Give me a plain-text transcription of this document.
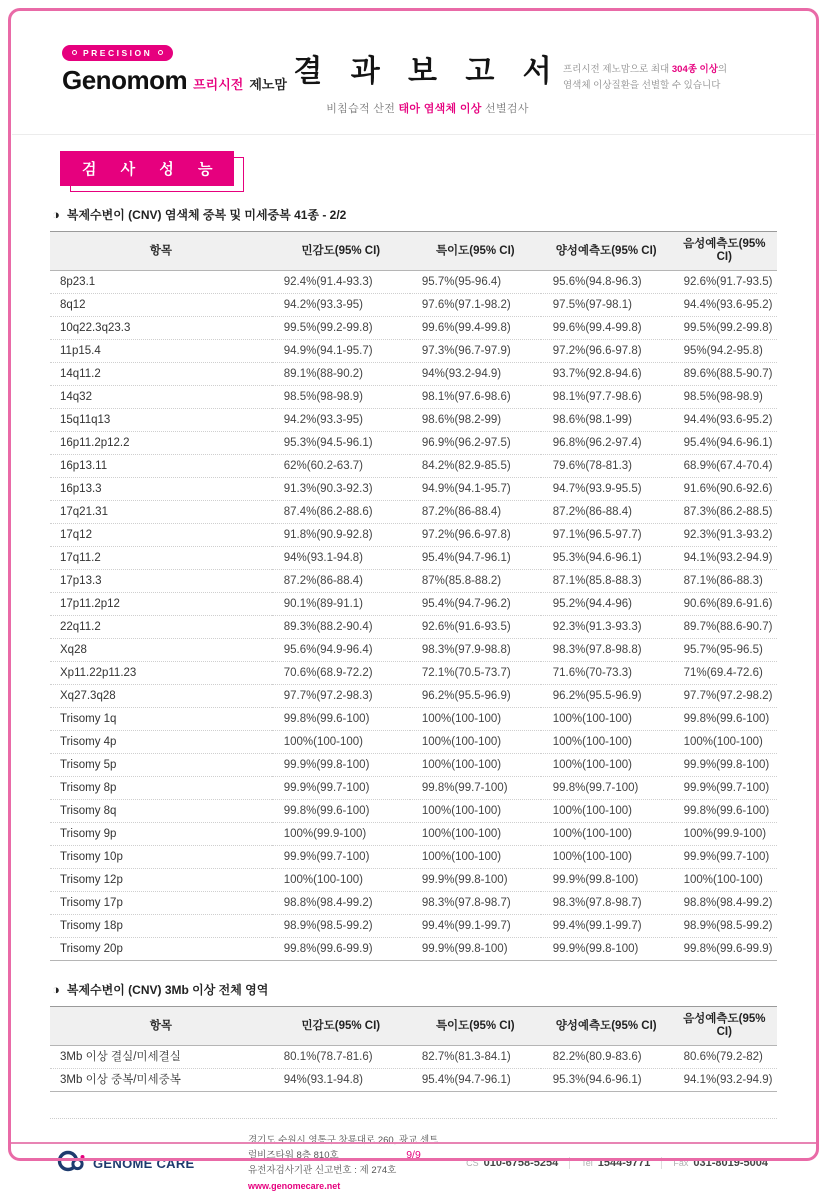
PRECISION
Genomom 프리시전 제노맘 결 과 보 고 서
비침습적 산전 태아 염색체 이상 선별검사
프리시전 제노맘으로 최대 304종 이상의
염색체 이상질환을 선별할 수 있습니다
검 사 성 능
◑ 복제수변이 (CNV) 염색체 중복 및 미세중복 41종 - 2/2
항목	민감도(95% CI)	특이도(95% CI)	양성예측도(95% CI)	음성예측도(95% CI)
8p23.1	92.4%(91.4-93.3)	95.7%(95-96.4)	95.6%(94.8-96.3)	92.6%(91.7-93.5)
8q12	94.2%(93.3-95)	97.6%(97.1-98.2)	97.5%(97-98.1)	94.4%(93.6-95.2)
10q22.3q23.3	99.5%(99.2-99.8)	99.6%(99.4-99.8)	99.6%(99.4-99.8)	99.5%(99.2-99.8)
11p15.4	94.9%(94.1-95.7)	97.3%(96.7-97.9)	97.2%(96.6-97.8)	95%(94.2-95.8)
14q11.2	89.1%(88-90.2)	94%(93.2-94.9)	93.7%(92.8-94.6)	89.6%(88.5-90.7)
14q32	98.5%(98-98.9)	98.1%(97.6-98.6)	98.1%(97.7-98.6)	98.5%(98-98.9)
15q11q13	94.2%(93.3-95)	98.6%(98.2-99)	98.6%(98.1-99)	94.4%(93.6-95.2)
16p11.2p12.2	95.3%(94.5-96.1)	96.9%(96.2-97.5)	96.8%(96.2-97.4)	95.4%(94.6-96.1)
16p13.11	62%(60.2-63.7)	84.2%(82.9-85.5)	79.6%(78-81.3)	68.9%(67.4-70.4)
16p13.3	91.3%(90.3-92.3)	94.9%(94.1-95.7)	94.7%(93.9-95.5)	91.6%(90.6-92.6)
17q21.31	87.4%(86.2-88.6)	87.2%(86-88.4)	87.2%(86-88.4)	87.3%(86.2-88.5)
17q12	91.8%(90.9-92.8)	97.2%(96.6-97.8)	97.1%(96.5-97.7)	92.3%(91.3-93.2)
17q11.2	94%(93.1-94.8)	95.4%(94.7-96.1)	95.3%(94.6-96.1)	94.1%(93.2-94.9)
17p13.3	87.2%(86-88.4)	87%(85.8-88.2)	87.1%(85.8-88.3)	87.1%(86-88.3)
17p11.2p12	90.1%(89-91.1)	95.4%(94.7-96.2)	95.2%(94.4-96)	90.6%(89.6-91.6)
22q11.2	89.3%(88.2-90.4)	92.6%(91.6-93.5)	92.3%(91.3-93.3)	89.7%(88.6-90.7)
Xq28	95.6%(94.9-96.4)	98.3%(97.9-98.8)	98.3%(97.8-98.8)	95.7%(95-96.5)
Xp11.22p11.23	70.6%(68.9-72.2)	72.1%(70.5-73.7)	71.6%(70-73.3)	71%(69.4-72.6)
Xq27.3q28	97.7%(97.2-98.3)	96.2%(95.5-96.9)	96.2%(95.5-96.9)	97.7%(97.2-98.2)
Trisomy 1q	99.8%(99.6-100)	100%(100-100)	100%(100-100)	99.8%(99.6-100)
Trisomy 4p	100%(100-100)	100%(100-100)	100%(100-100)	100%(100-100)
Trisomy 5p	99.9%(99.8-100)	100%(100-100)	100%(100-100)	99.9%(99.8-100)
Trisomy 8p	99.9%(99.7-100)	99.8%(99.7-100)	99.8%(99.7-100)	99.9%(99.7-100)
Trisomy 8q	99.8%(99.6-100)	100%(100-100)	100%(100-100)	99.8%(99.6-100)
Trisomy 9p	100%(99.9-100)	100%(100-100)	100%(100-100)	100%(99.9-100)
Trisomy 10p	99.9%(99.7-100)	100%(100-100)	100%(100-100)	99.9%(99.7-100)
Trisomy 12p	100%(100-100)	99.9%(99.8-100)	99.9%(99.8-100)	100%(100-100)
Trisomy 17p	98.8%(98.4-99.2)	98.3%(97.8-98.7)	98.3%(97.8-98.7)	98.8%(98.4-99.2)
Trisomy 18p	98.9%(98.5-99.2)	99.4%(99.1-99.7)	99.4%(99.1-99.7)	98.9%(98.5-99.2)
Trisomy 20p	99.8%(99.6-99.9)	99.9%(99.8-100)	99.9%(99.8-100)	99.8%(99.6-99.9)
◑ 복제수변이 (CNV) 3Mb 이상 전체 영역
항목	민감도(95% CI)	특이도(95% CI)	양성예측도(95% CI)	음성예측도(95% CI)
3Mb 이상 결실/미세결실	80.1%(78.7-81.6)	82.7%(81.3-84.1)	82.2%(80.9-83.6)	80.6%(79.2-82)
3Mb 이상 중복/미세중복	94%(93.1-94.8)	95.4%(94.7-96.1)	95.3%(94.6-96.1)	94.1%(93.2-94.9)
GENOME CARE
경기도 수원시 영통구 창룡대로 260, 광교 센트럴비즈타워 8층 810호
유전자검사기관 신고번호 : 제 274호
www.genomecare.net
CS 010-6758-5254	Tel 1544-9771	Fax 031-8019-5004
9/9
